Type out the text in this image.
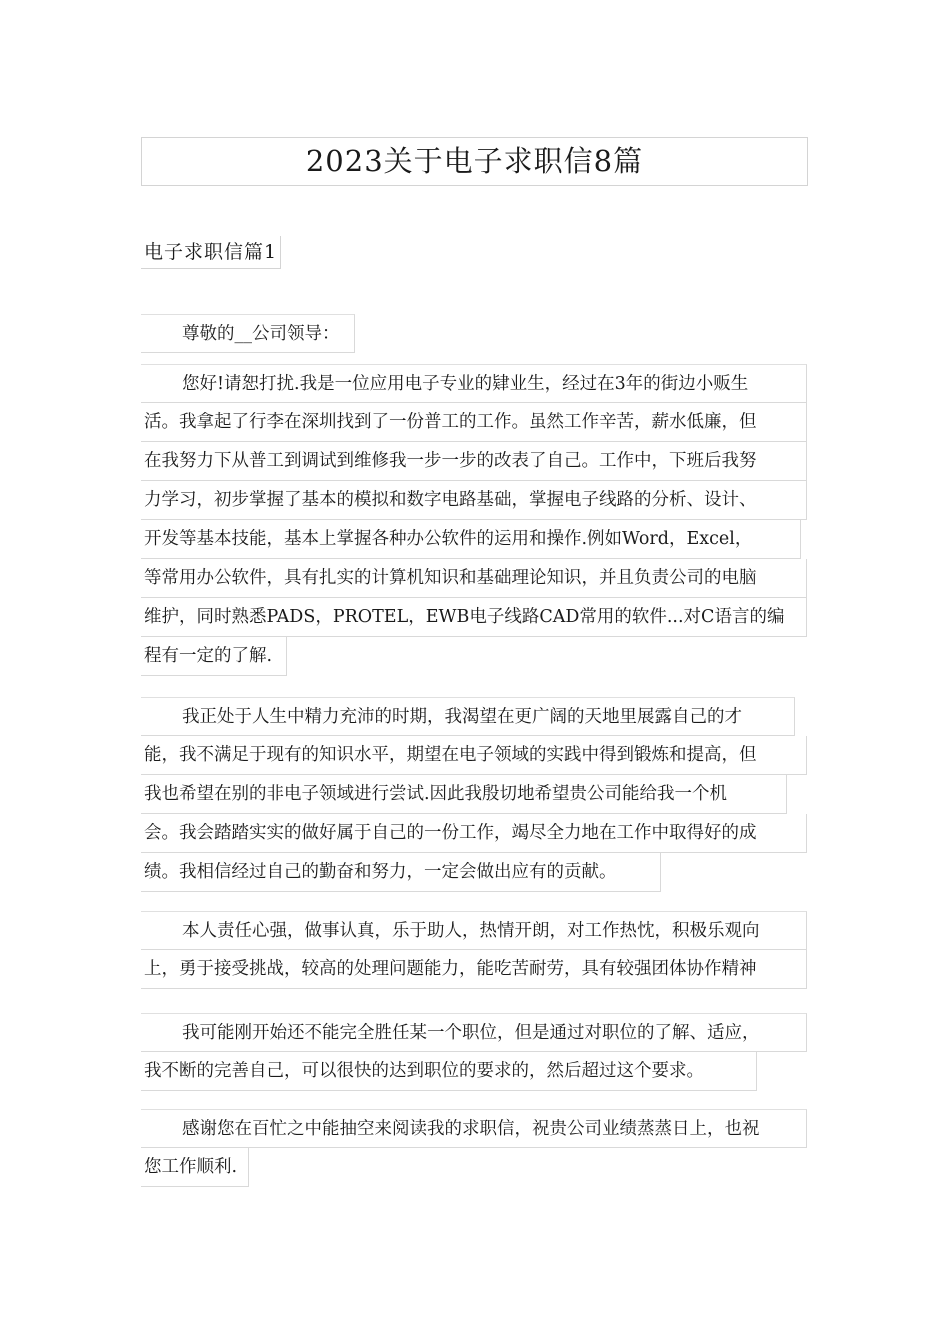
2023关于电子求职信8篇
电子求职信篇1
尊敬的__公司领导：
您好!请恕打扰.我是一位应用电子专业的肄业生，经过在3年的街边小贩生
活。我拿起了行李在深圳找到了一份普工的工作。虽然工作辛苦，薪水低廉，但
在我努力下从普工到调试到维修我一步一步的改表了自己。工作中，下班后我努
力学习，初步掌握了基本的模拟和数字电路基础，掌握电子线路的分析、设计、
开发等基本技能，基本上掌握各种办公软件的运用和操作.例如Word，Excel，
等常用办公软件，具有扎实的计算机知识和基础理论知识，并且负责公司的电脑
维护，同时熟悉PADS，PROTEL，EWB电子线路CAD常用的软件...对C语言的编
程有一定的了解.
我正处于人生中精力充沛的时期，我渴望在更广阔的天地里展露自己的才
能，我不满足于现有的知识水平，期望在电子领域的实践中得到锻炼和提高，但
我也希望在别的非电子领域进行尝试.因此我殷切地希望贵公司能给我一个机
会。我会踏踏实实的做好属于自己的一份工作，竭尽全力地在工作中取得好的成
绩。我相信经过自己的勤奋和努力，一定会做出应有的贡献。
本人责任心强，做事认真，乐于助人，热情开朗，对工作热忱，积极乐观向
上，勇于接受挑战，较高的处理问题能力，能吃苦耐劳，具有较强团体协作精神
我可能刚开始还不能完全胜任某一个职位，但是通过对职位的了解、适应，
我不断的完善自己，可以很快的达到职位的要求的，然后超过这个要求。
感谢您在百忙之中能抽空来阅读我的求职信，祝贵公司业绩蒸蒸日上，也祝
您工作顺利.
